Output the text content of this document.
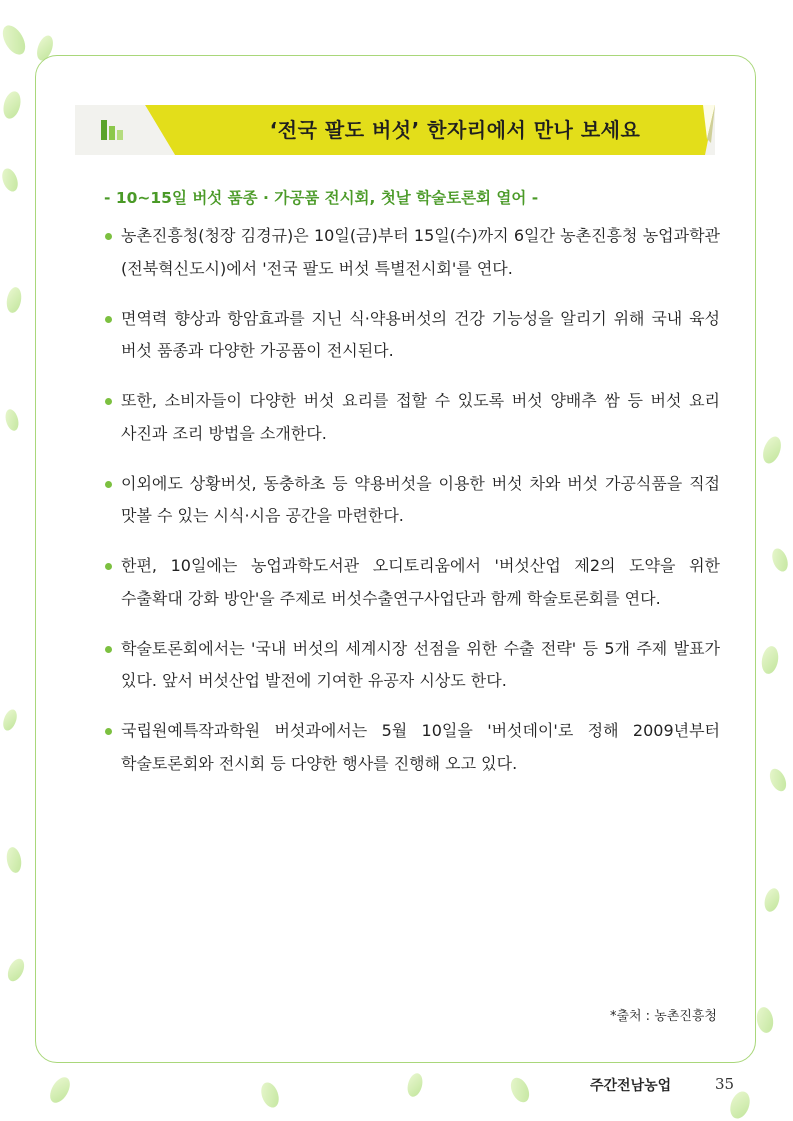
‘전국 팔도 버섯’ 한자리에서 만나 보세요
- 10~15일 버섯 품종 · 가공품 전시회, 첫날 학술토론회 열어 -
농촌진흥청(청장 김경규)은 10일(금)부터 15일(수)까지 6일간 농촌진흥청 농업과학관(전북혁신도시)에서 '전국 팔도 버섯 특별전시회'를 연다.
면역력 향상과 항암효과를 지닌 식·약용버섯의 건강 기능성을 알리기 위해 국내 육성 버섯 품종과 다양한 가공품이 전시된다.
또한, 소비자들이 다양한 버섯 요리를 접할 수 있도록 버섯 양배추 쌈 등 버섯 요리 사진과 조리 방법을 소개한다.
이외에도 상황버섯, 동충하초 등 약용버섯을 이용한 버섯 차와 버섯 가공식품을 직접 맛볼 수 있는 시식·시음 공간을 마련한다.
한편, 10일에는 농업과학도서관 오디토리움에서 '버섯산업 제2의 도약을 위한 수출확대 강화 방안'을 주제로 버섯수출연구사업단과 함께 학술토론회를 연다.
학술토론회에서는 '국내 버섯의 세계시장 선점을 위한 수출 전략' 등 5개 주제 발표가 있다. 앞서 버섯산업 발전에 기여한 유공자 시상도 한다.
국립원예특작과학원 버섯과에서는 5월 10일을 '버섯데이'로 정해 2009년부터 학술토론회와 전시회 등 다양한 행사를 진행해 오고 있다.
*출처 : 농촌진흥청
주간전남농업	35
